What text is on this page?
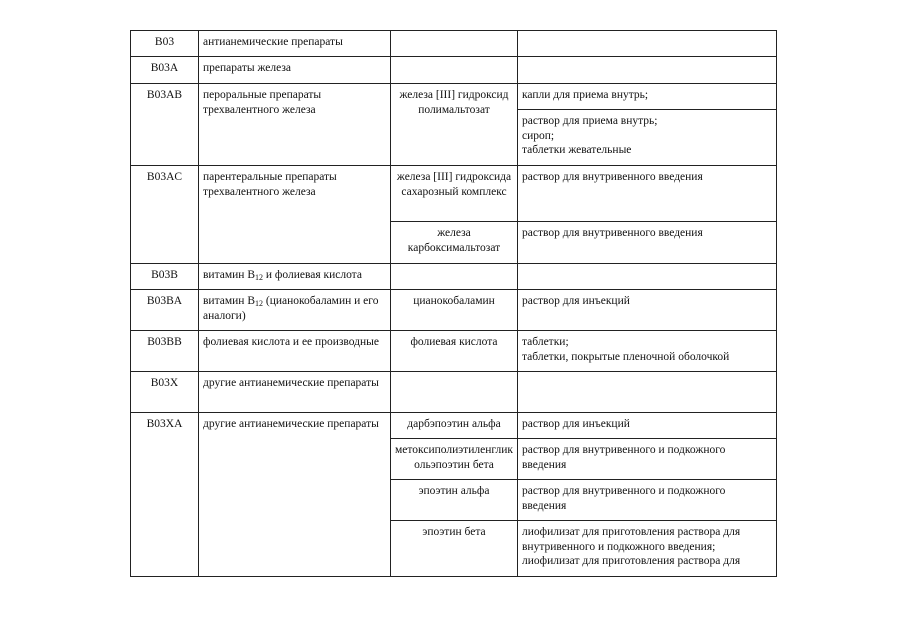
B03	антианемические препараты		
B03A	препараты железа		
B03AB	пероральные препараты трехвалентного железа	железа [III] гидроксид полимальтозат	капли для приема внутрь;

			раствор для приема внутрь;
сироп;
таблетки жевательные

B03AC	парентеральные препараты трехвалентного железа	железа [III] гидроксида сахарозный комплекс	раствор для внутривенного введения
		железа карбоксимальтозат	раствор для внутривенного введения
B03B	витамин $B_{12}$ и фолиевая кислота		
B03BA	витамин $B_{12}$ (цианокобаламин и его аналоги)	цианокобаламин	раствор для инъекций
B03BB	фолиевая кислота и ее производные	фолиевая кислота	таблетки;
таблетки, покрытые пленочной оболочкой

B03X	другие антианемические препараты		
B03XA	другие антианемические препараты	дарбэпоэтин альфа	раствор для инъекций
		метоксиполиэтиленгликольэпоэтин бета	раствор для внутривенного и подкожного введения
		эпоэтин альфа	раствор для внутривенного и подкожного введения
		эпоэтин бета	лиофилизат для приготовления раствора для внутривенного и подкожного введения; лиофилизат для приготовления раствора для
